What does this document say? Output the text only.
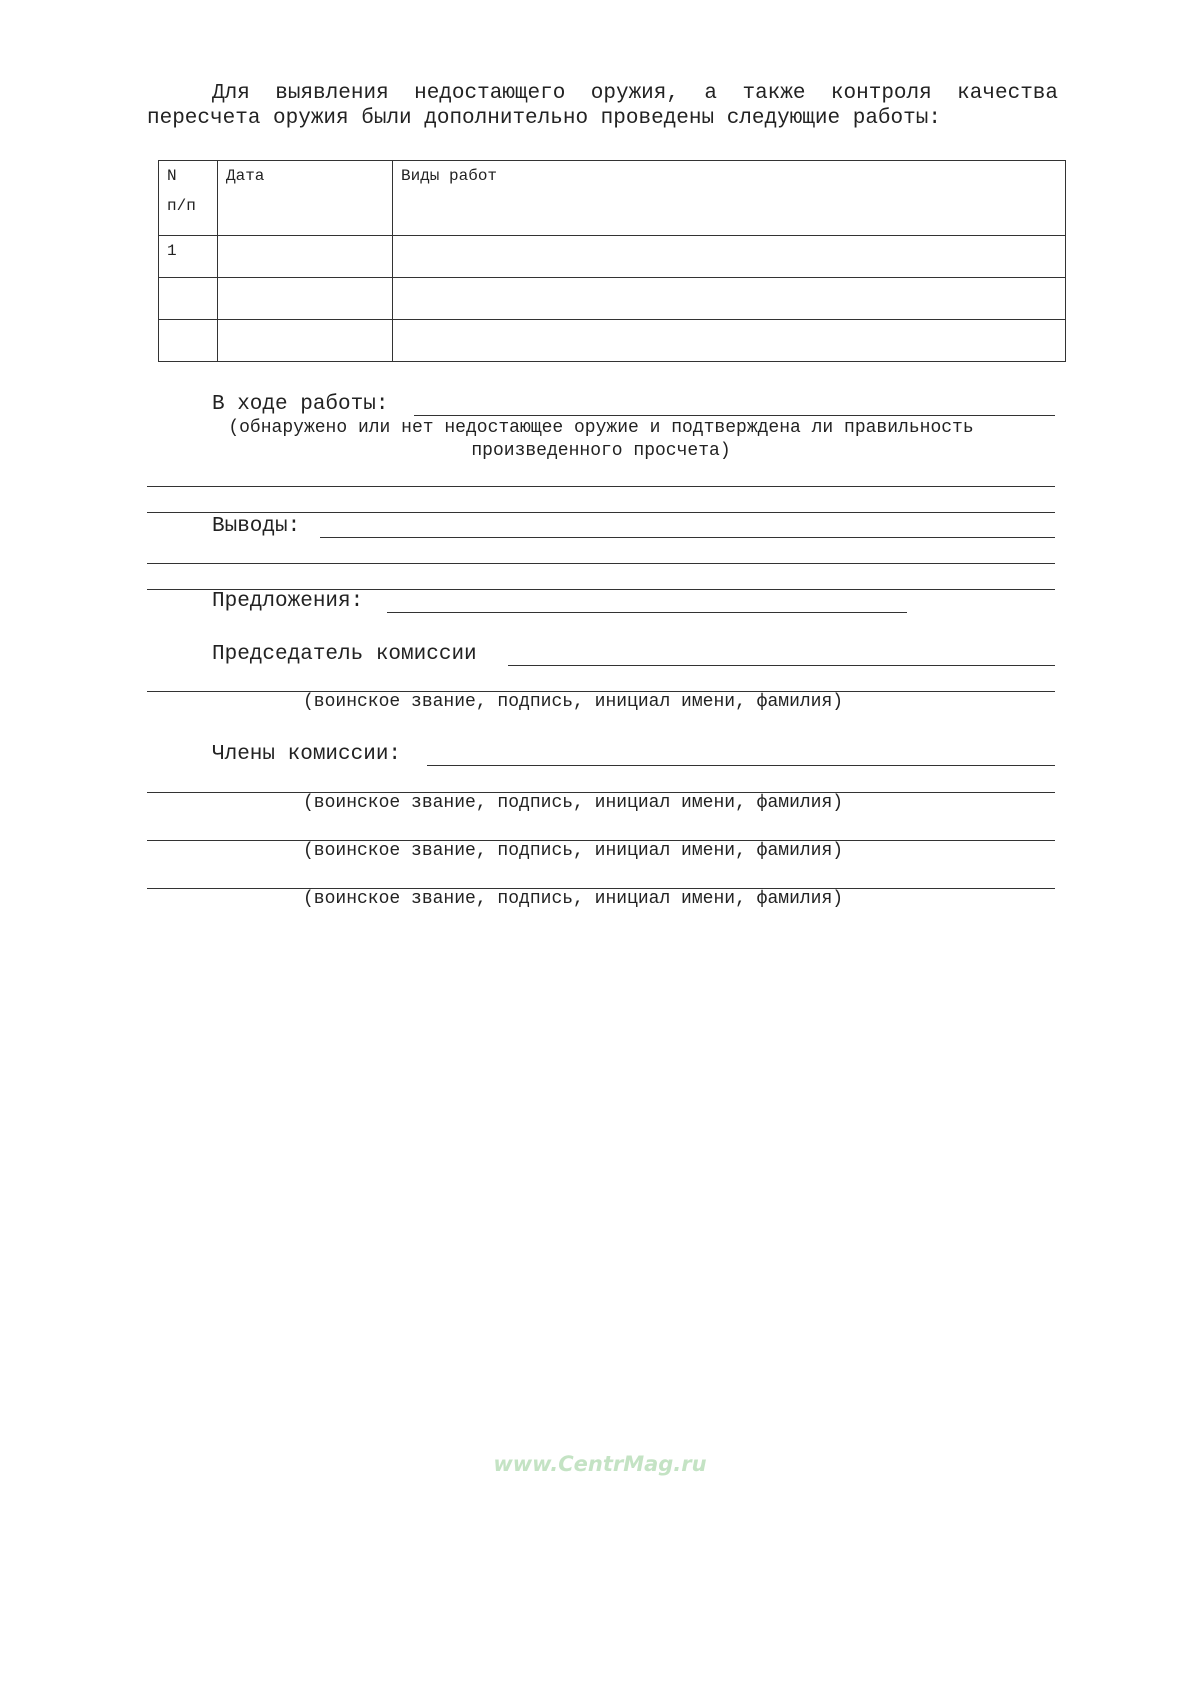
Для выявления недостающего оружия, а также контроля качества
пересчета оружия были дополнительно проведены следующие работы:
N
п/п	Дата	Виды работ
1		

В ходе работы:
(обнаружено или нет недостающее оружие и подтверждена ли правильность
произведенного просчета)
Выводы:
Предложения:
Председатель комиссии
(воинское звание, подпись, инициал имени, фамилия)
Члены комиссии:
(воинское звание, подпись, инициал имени, фамилия)
(воинское звание, подпись, инициал имени, фамилия)
(воинское звание, подпись, инициал имени, фамилия)
www.CentrMag.ru
